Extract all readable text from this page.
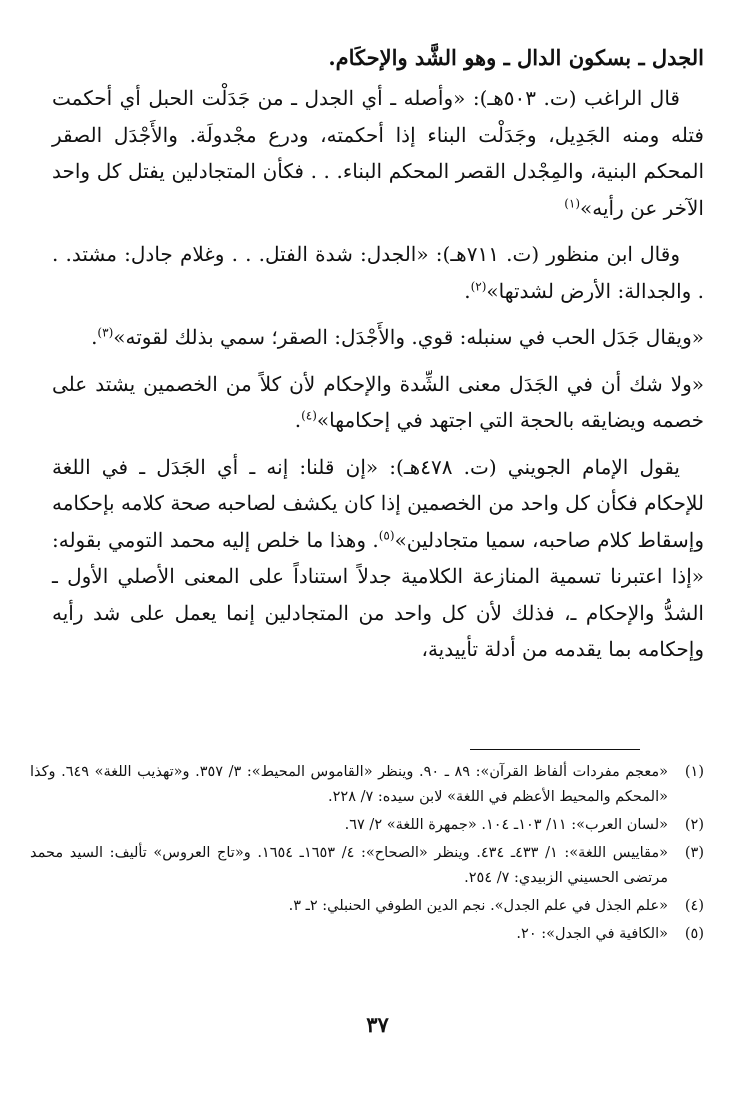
الجدل ـ بسكون الدال ـ وهو الشَّد والإحكَام.

قال الراغب (ت. ٥٠٣هـ): «وأصله ـ أي الجدل ـ من جَدَلْت الحبل أي أحكمت فتله ومنه الجَدِيل، وجَدَلْت البناء إذا أحكمته، ودرع مجْدولَة. والأَجْدَل الصقر المحكم البنية، والمِجْدل القصر المحكم البناء. . . فكأن المتجادلين يفتل كل واحد الآخر عن رأيه»$^{(١)}$

وقال ابن منظور (ت. ٧١١هـ): «الجدل: شدة الفتل. . . وغلام جادل: مشتد. . . والجدالة: الأرض لشدتها»$^{(٢)}$.

«ويقال جَدَل الحب في سنبله: قوي. والأَجْدَل: الصقر؛ سمي بذلك لقوته»$^{(٣)}$.

«ولا شك أن في الجَدَل معنى الشِّدة والإحكام لأن كلاً من الخصمين يشتد على خصمه ويضايقه بالحجة التي اجتهد في إحكامها»$^{(٤)}$.

يقول الإمام الجويني (ت. ٤٧٨هـ): «إن قلنا: إنه ـ أي الجَدَل ـ في اللغة للإحكام فكأن كل واحد من الخصمين إذا كان يكشف لصاحبه صحة كلامه بإحكامه وإسقاط كلام صاحبه، سميا متجادلين»$^{(٥)}$. وهذا ما خلص إليه محمد التومي بقوله: «إذا اعتبرنا تسمية المنازعة الكلامية جدلاً استناداً على المعنى الأصلي الأول ـ الشدُّ والإحكام ـ، فذلك لأن كل واحد من المتجادلين إنما يعمل على شد رأيه وإحكامه بما يقدمه من أدلة تأييدية،

(١)
«معجم مفردات ألفاظ القرآن»: ٨٩ ـ ٩٠. وينظر «القاموس المحيط»: ٣/ ٣٥٧. و«تهذيب اللغة» ٦٤٩. وكذا «المحكم والمحيط الأعظم في اللغة» لابن سيده: ٧/ ٢٢٨.
(٢)
«لسان العرب»: ١١/ ١٠٣ـ ١٠٤. «جمهرة اللغة» ٢/ ٦٧.
(٣)
«مقاييس اللغة»: ١/ ٤٣٣ـ ٤٣٤. وينظر «الصحاح»: ٤/ ١٦٥٣ـ ١٦٥٤. و«تاج العروس» تأليف: السيد محمد مرتضى الحسيني الزبيدي: ٧/ ٢٥٤.
(٤)
«علم الجذل في علم الجدل». نجم الدين الطوفي الحنبلي: ٢ـ ٣.
(٥)
«الكافية في الجدل»: ٢٠.
٣٧
